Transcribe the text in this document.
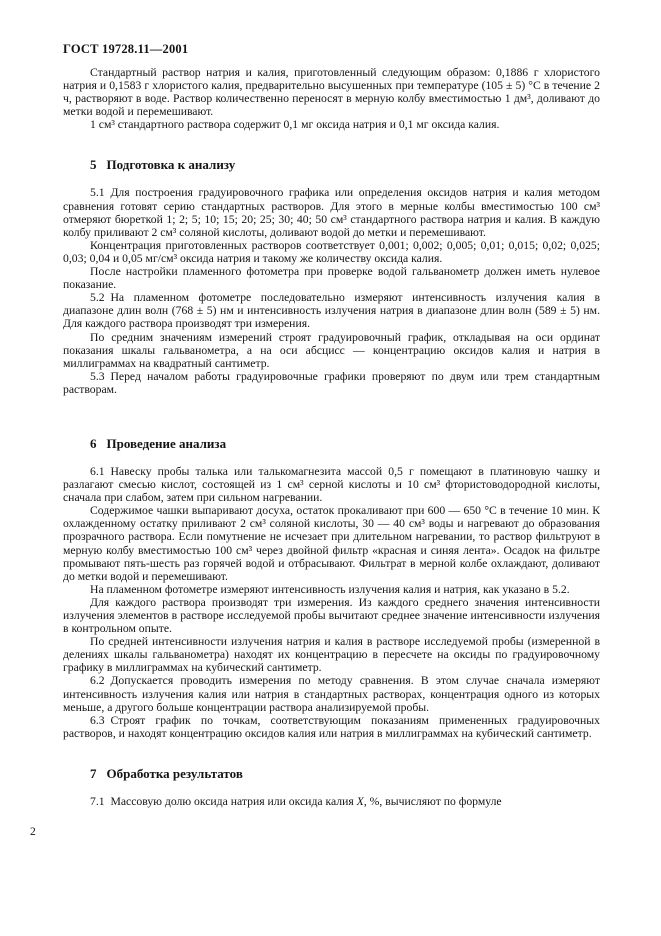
ГОСТ 19728.11—2001

Стандартный раствор натрия и калия, приготовленный следующим образом: 0,1886 г хлористого натрия и 0,1583 г хлористого калия, предварительно высушенных при температуре (105 ± 5) °С в течение 2 ч, растворяют в воде. Раствор количественно переносят в мерную колбу вместимостью 1 дм³, доливают до метки водой и перемешивают.

1 см³ стандартного раствора содержит 0,1 мг оксида натрия и 0,1 мг оксида калия.

5 Подготовка к анализу

5.1 Для построения градуировочного графика или определения оксидов натрия и калия методом сравнения готовят серию стандартных растворов. Для этого в мерные колбы вместимостью 100 см³ отмеряют бюреткой 1; 2; 5; 10; 15; 20; 25; 30; 40; 50 см³ стандартного раствора натрия и калия. В каждую колбу приливают 2 см³ соляной кислоты, доливают водой до метки и перемешивают.

Концентрация приготовленных растворов соответствует 0,001; 0,002; 0,005; 0,01; 0,015; 0,02; 0,025; 0,03; 0,04 и 0,05 мг/см³ оксида натрия и такому же количеству оксида калия.

После настройки пламенного фотометра при проверке водой гальванометр должен иметь нулевое показание.

5.2 На пламенном фотометре последовательно измеряют интенсивность излучения калия в диапазоне длин волн (768 ± 5) нм и интенсивность излучения натрия в диапазоне длин волн (589 ± 5) нм. Для каждого раствора производят три измерения.

По средним значениям измерений строят градуировочный график, откладывая на оси ординат показания шкалы гальванометра, а на оси абсцисс — концентрацию оксидов калия и натрия в миллиграммах на квадратный сантиметр.

5.3 Перед началом работы градуировочные графики проверяют по двум или трем стандартным растворам.

6 Проведение анализа

6.1 Навеску пробы талька или талькомагнезита массой 0,5 г помещают в платиновую чашку и разлагают смесью кислот, состоящей из 1 см³ серной кислоты и 10 см³ фтористоводородной кислоты, сначала при слабом, затем при сильном нагревании.

Содержимое чашки выпаривают досуха, остаток прокаливают при 600 — 650 °С в течение 10 мин. К охлажденному остатку приливают 2 см³ соляной кислоты, 30 — 40 см³ воды и нагревают до образования прозрачного раствора. Если помутнение не исчезает при длительном нагревании, то раствор фильтруют в мерную колбу вместимостью 100 см³ через двойной фильтр «красная и синяя лента». Осадок на фильтре промывают пять-шесть раз горячей водой и отбрасывают. Фильтрат в мерной колбе охлаждают, доливают до метки водой и перемешивают.

На пламенном фотометре измеряют интенсивность излучения калия и натрия, как указано в 5.2.

Для каждого раствора производят три измерения. Из каждого среднего значения интенсивности излучения элементов в растворе исследуемой пробы вычитают среднее значение интенсивности излучения в контрольном опыте.

По средней интенсивности излучения натрия и калия в растворе исследуемой пробы (измеренной в делениях шкалы гальванометра) находят их концентрацию в пересчете на оксиды по градуировочному графику в миллиграммах на кубический сантиметр.

6.2 Допускается проводить измерения по методу сравнения. В этом случае сначала измеряют интенсивность излучения калия или натрия в стандартных растворах, концентрация одного из которых меньше, а другого больше концентрации раствора анализируемой пробы.

6.3 Строят график по точкам, соответствующим показаниям примененных градуировочных растворов, и находят концентрацию оксидов калия или натрия в миллиграммах на кубический сантиметр.

7 Обработка результатов

7.1 Массовую долю оксида натрия или оксида калия X, %, вычисляют по формуле

2
